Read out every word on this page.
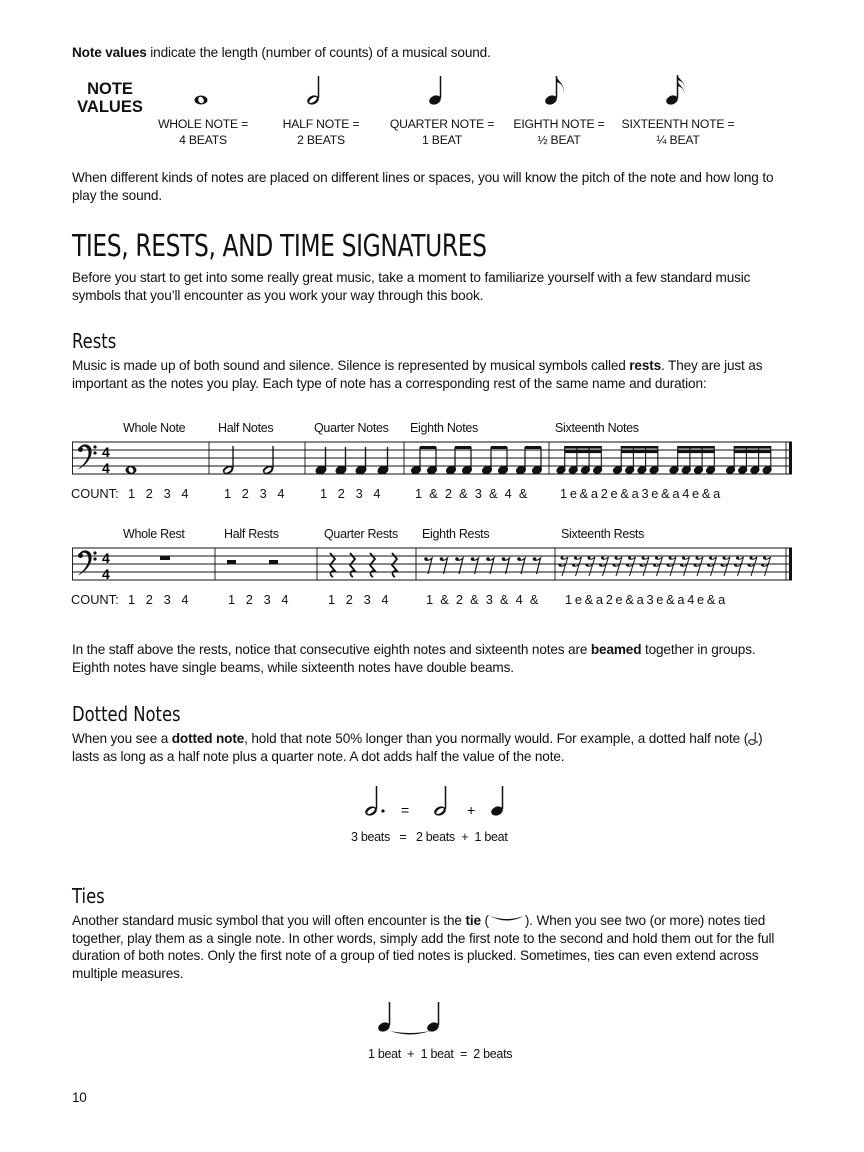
Note values indicate the length (number of counts) of a musical sound.
NOTE
VALUES
WHOLE NOTE =
4 BEATS
HALF NOTE =
2 BEATS
QUARTER NOTE =
1 BEAT
EIGHTH NOTE =
½ BEAT
SIXTEENTH NOTE =
¼ BEAT
When different kinds of notes are placed on different lines or spaces, you will know the pitch of the note and how long to play the sound.
TIES, RESTS, AND TIME SIGNATURES
Before you start to get into some really great music, take a moment to familiarize yourself with a few standard music symbols that you’ll encounter as you work your way through this book.
Rests
Music is made up of both sound and silence. Silence is represented by musical symbols called rests. They are just as important as the notes you play. Each type of note has a corresponding rest of the same name and duration:
Whole Note	Half Notes	Quarter Notes Eighth Notes	Sixteenth Notes
4
4
COUNT: 1   2   3   4	1   2   3   4	1   2   3   4	1  &  2  &  3  &  4  &	1  e  &  a  2  e  &  a  3  e  &  a  4  e  &  a
Whole Rest	Half Rests	Quarter Rests Eighth Rests	Sixteenth Rests
4
4
COUNT: 1   2   3   4	1   2   3   4	1   2   3   4	1  &  2  &  3  &  4  & 1  e  &  a  2  e  &  a  3  e  &  a  4  e  &  a
In the staff above the rests, notice that consecutive eighth notes and sixteenth notes are beamed together in groups. Eighth notes have single beams, while sixteenth notes have double beams.
Dotted Notes
When you see a dotted note, hold that note 50% longer than you normally would. For example, a dotted half note ( ) lasts as long as a half note plus a quarter note. A dot adds half the value of the note.
=	+
3 beats   =   2 beats  +  1 beat
Ties
Another standard music symbol that you will often encounter is the tie (	). When you see two (or more) notes tied together, play them as a single note. In other words, simply add the first note to the second and hold them out for the full duration of both notes. Only the first note of a group of tied notes is plucked. Sometimes, ties can even extend across multiple measures.
1 beat  +  1 beat  =  2 beats
10
